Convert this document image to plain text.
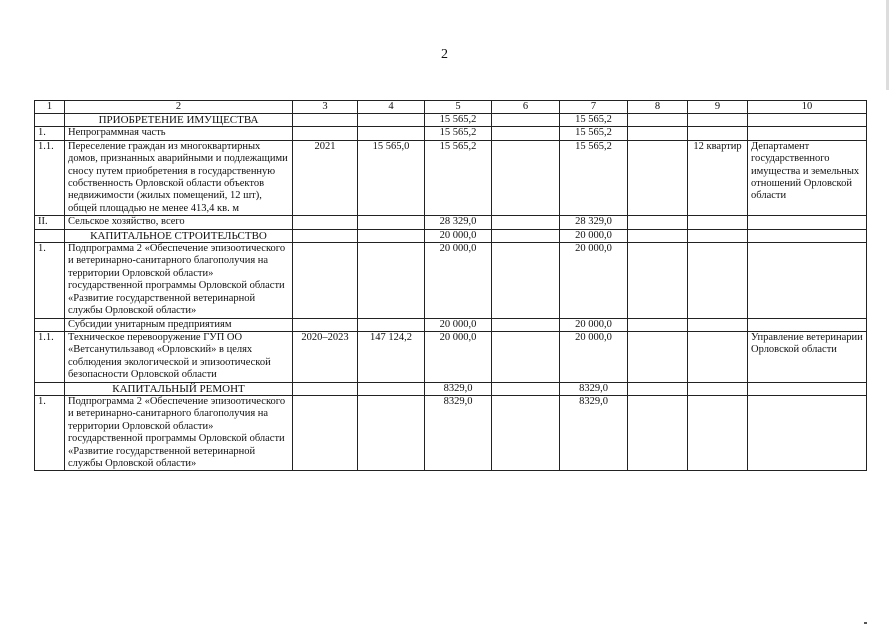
2
1	2	3	4	5	6	7	8	9	10
	ПРИОБРЕТЕНИЕ ИМУЩЕСТВА			15 565,2		15 565,2			
1.	Непрограммная часть			15 565,2		15 565,2			
1.1.	Переселение граждан из многоквартирных домов, признанных аварийными и подлежащими сносу путем приобретения в государственную собственность Орловской области объектов недвижимости (жилых помещений, 12 шт), общей площадью не менее 413,4 кв. м	2021	15 565,0	15 565,2		15 565,2		12 квартир	Департамент государственного имущества и земельных отношений Орловской области
II.	Сельское хозяйство, всего			28 329,0		28 329,0			
	КАПИТАЛЬНОЕ СТРОИТЕЛЬСТВО			20 000,0		20 000,0			
1.	Подпрограмма 2 «Обеспечение эпизоотического и ветеринарно-санитарного благополучия на территории Орловской области» государственной программы Орловской области «Развитие государственной ветеринарной службы Орловской области»			20 000,0		20 000,0			
	Субсидии унитарным предприятиям			20 000,0		20 000,0			
1.1.	Техническое перевооружение ГУП ОО «Ветсанутильзавод «Орловский» в целях соблюдения экологической и эпизоотической безопасности Орловской области	2020–2023	147 124,2	20 000,0		20 000,0			Управление ветеринарии Орловской области
	КАПИТАЛЬНЫЙ РЕМОНТ			8329,0		8329,0			
1.	Подпрограмма 2 «Обеспечение эпизоотического и ветеринарно-санитарного благополучия на территории Орловской области» государственной программы Орловской области «Развитие государственной ветеринарной службы Орловской области»			8329,0		8329,0			
